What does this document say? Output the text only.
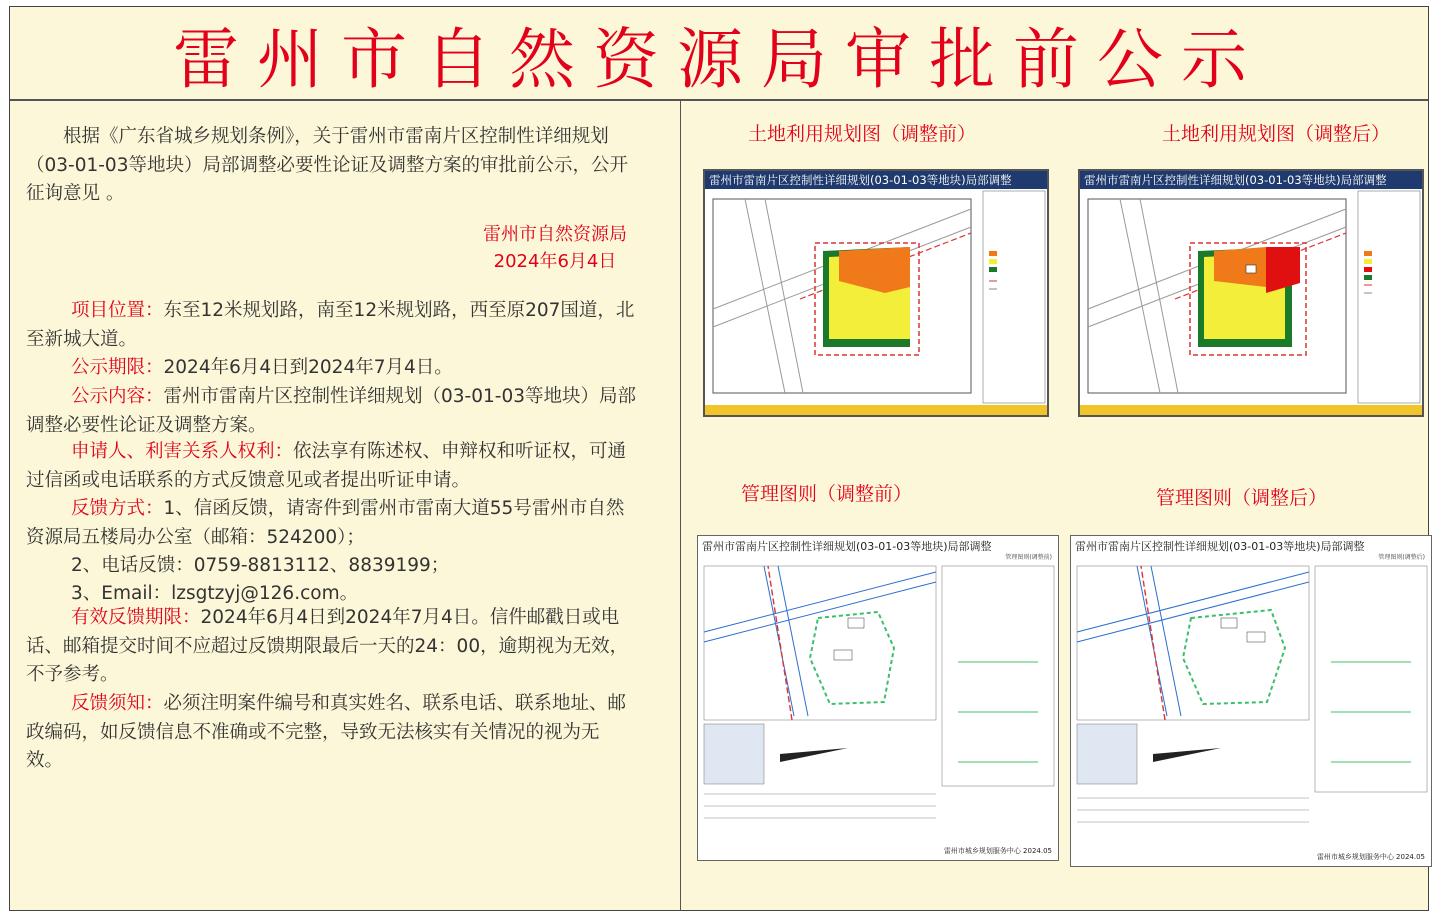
雷州市自然资源局审批前公示
根据《广东省城乡规划条例》，关于雷州市雷南片区控制性详细规划（03-01-03等地块）局部调整必要性论证及调整方案的审批前公示，公开征询意见 。
雷州市自然资源局
2024年6月4日
项目位置：东至12米规划路，南至12米规划路，西至原207国道，北至新城大道。
公示期限：2024年6月4日到2024年7月4日。
公示内容：雷州市雷南片区控制性详细规划（03-01-03等地块）局部调整必要性论证及调整方案。
申请人、利害关系人权利：依法享有陈述权、申辩权和听证权，可通过信函或电话联系的方式反馈意见或者提出听证申请。
反馈方式：1、信函反馈，请寄件到雷州市雷南大道55号雷州市自然资源局五楼局办公室（邮箱：524200）；
2、电话反馈：0759-8813112、8839199；
3、Email：lzsgtzyj@126.com。
有效反馈期限：2024年6月4日到2024年7月4日。信件邮戳日或电话、邮箱提交时间不应超过反馈期限最后一天的24：00，逾期视为无效，不予参考。
反馈须知：必须注明案件编号和真实姓名、联系电话、联系地址、邮政编码，如反馈信息不准确或不完整，导致无法核实有关情况的视为无效。
土地利用规划图（调整前）	土地利用规划图（调整后）
雷州市雷南片区控制性详细规划(03-01-03等地块)局部调整	雷州市雷南片区控制性详细规划(03-01-03等地块)局部调整
管理图则（调整前）	管理图则（调整后）
雷州市雷南片区控制性详细规划(03-01-03等地块)局部调整
管理图则(调整前)
雷州市城乡规划服务中心 2024.05
雷州市雷南片区控制性详细规划(03-01-03等地块)局部调整
管理图则(调整后)
雷州市城乡规划服务中心 2024.05
